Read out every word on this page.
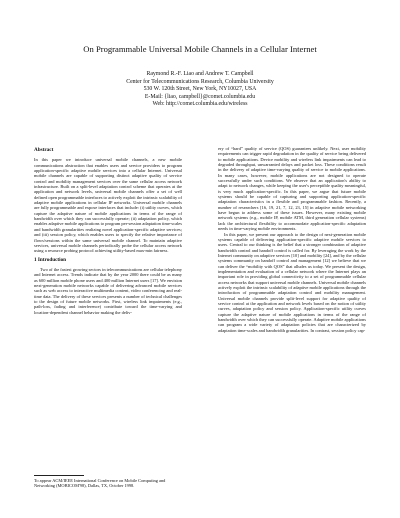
On Programmable Universal Mobile Channels in a Cellular Internet
Raymond R.-F. Liao and Andrew T. Campbell
Center for Telecommunications Research, Columbia University
530 W. 120th Street, New York, NY10027, USA
E-Mail: {liao, campbell}@comet.columbia.edu
Web: http://comet.columbia.edu/wireless
Abstract

In this paper we introduce universal mobile channels, a new mobile communications abstraction that enables users and service providers to program application-specific adaptive mobile services into a cellular Internet. Universal mobile channels are capable of supporting distinct adaptive quality of service control and mobility management services over the same cellular access network infrastructure. Built on a split-level adaptation control scheme that operates at the application and network levels, universal mobile channels offer a set of well defined open programmable interfaces to actively exploit the intrinsic scalability of adaptive mobile applications in cellular IP networks. Universal mobile channels are fully programmable and expose interfaces that include: (i) utility curves, which capture the adaptive nature of mobile applications in terms of the range of bandwidth over which they can successfully operate; (ii) adaptation policy, which enables adaptive mobile applications to program per-session adaptation time-scales and bandwidth granularities realizing novel application-specific adaptive services; and (iii) session policy, which enables users to specify the relative importance of flows/sessions within the same universal mobile channel. To maintain adaptive services, universal mobile channels periodically probe the cellular access network using a resource probing protocol achieving utility-based max-min fairness.

1 Introduction

Two of the fastest growing sectors in telecommunications are cellular telephony and Internet access. Trends indicate that by the year 2000 there could be as many as 600 million mobile phone users and 400 million Internet users [17]. We envision next-generation mobile networks capable of delivering advanced mobile services such as web access to interactive multimedia content, video conferencing and real-time data. The delivery of these services presents a number of technical challenges to the design of future mobile networks. First, wireless link impairments (e.g., path-loss, fading and interference) contribute toward the time-varying and location-dependent channel behavior making the deliv-

ery of “hard” quality of service (QOS) guarantees unlikely. Next, user mobility requirements can trigger rapid degradation in the quality of service being delivered to mobile applications. Device mobility and wireless link impairments can lead to degraded throughput, unwarranted delays and packet loss. These conditions result in the delivery of adaptive time-varying quality of service to mobile applications. In many cases, however, mobile applications are not designed to operate successfully under such conditions. We observe that an application's ability to adapt to network changes, while keeping the user's perceptible quality meaningful, is very much application-specific. In this paper, we argue that future mobile systems should be capable of capturing and supporting application-specific adaptation characteristics in a flexible and programmable fashion. Recently, a number of researchers [16, 19, 21, 7, 12, 23, 15] in adaptive mobile networking have begun to address some of these issues. However, many existing mobile network systems (e.g., mobile IP, mobile ATM, third generation cellular systems) lack the architectural flexibility to accommodate application-specific adaptation needs in time-varying mobile environments.

In this paper, we present our approach to the design of next-generation mobile systems capable of delivering application-specific adaptive mobile services to users. Central to our thinking is the belief that a stronger combination of adaptive bandwidth control and handoff control is called for. By leveraging the work by the Internet community on adaptive services [10] and mobility [24], and by the cellular systems community on handoff control and management [12] we believe that we can deliver the “mobility with QOS” that alludes us today. We present the design, implementation and evaluation of a cellular network where the Internet plays an important role in providing global connectivity to a set of programmable cellular access networks that support universal mobile channels. Universal mobile channels actively exploit the intrinsic scalability of adaptive mobile applications through the introduction of programmable adaptation control and mobility management. Universal mobile channels provide split-level support for adaptive quality of service control at the application and network levels based on the notion of utility curves, adaptation policy and session policy. Application-specific utility curves capture the adaptive nature of mobile applications in terms of the range of bandwidth over which they can successfully operate. Adaptive mobile applications can program a wide variety of adaptation policies that are characterized by adaptation time-scales and bandwidth granularities. In contrast, session policy cap-

To appear ACM/IEEE International Conference on Mobile Computing and Networking (MOBICOM'98), Dallas, TX, October 1998.
